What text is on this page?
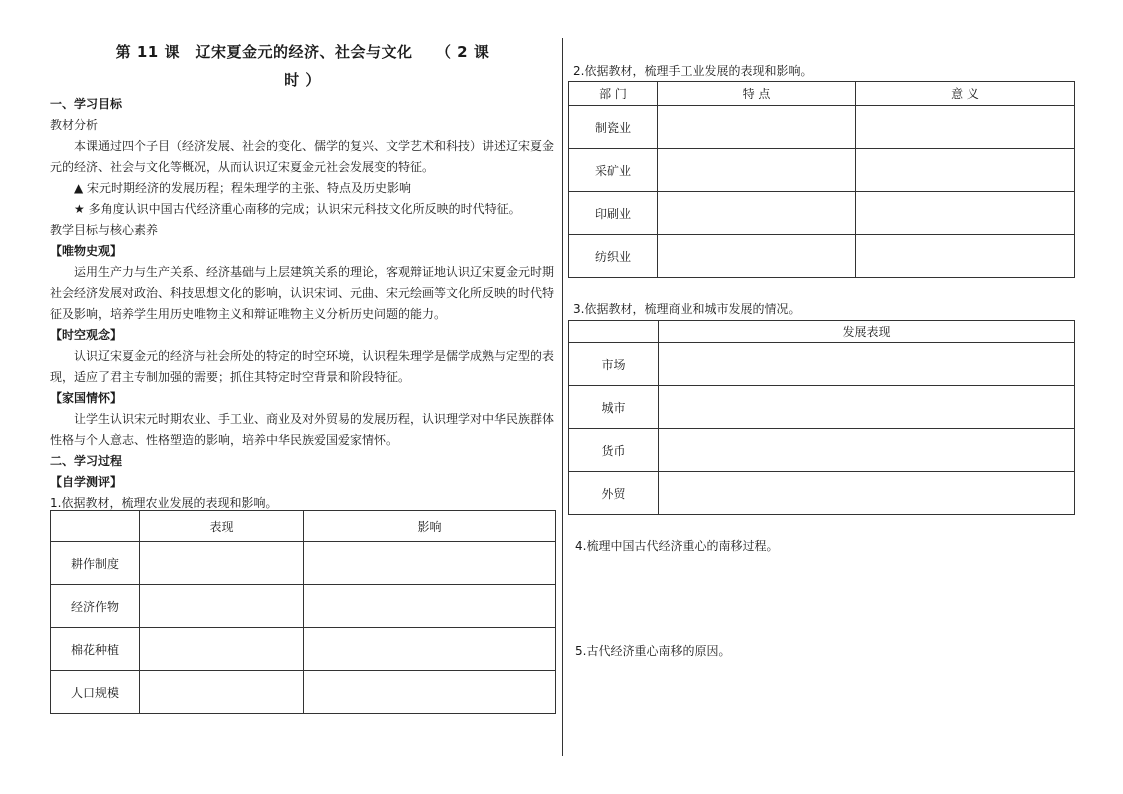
第 11 课　辽宋夏金元的经济、社会与文化　　（ 2 课
时 ）

一、学习目标

教材分析

本课通过四个子目（经济发展、社会的变化、儒学的复兴、文学艺术和科技）讲述辽宋夏金元的经济、社会与文化等概况，从而认识辽宋夏金元社会发展变的特征。

▲ 宋元时期经济的发展历程；程朱理学的主张、特点及历史影响

★ 多角度认识中国古代经济重心南移的完成；认识宋元科技文化所反映的时代特征。

教学目标与核心素养

【唯物史观】

运用生产力与生产关系、经济基础与上层建筑关系的理论，客观辩证地认识辽宋夏金元时期社会经济发展对政治、科技思想文化的影响，认识宋词、元曲、宋元绘画等文化所反映的时代特征及影响，培养学生用历史唯物主义和辩证唯物主义分析历史问题的能力。

【时空观念】

认识辽宋夏金元的经济与社会所处的特定的时空环境，认识程朱理学是儒学成熟与定型的表现，适应了君主专制加强的需要；抓住其特定时空背景和阶段特征。

【家国情怀】

让学生认识宋元时期农业、手工业、商业及对外贸易的发展历程，认识理学对中华民族群体性格与个人意志、性格塑造的影响，培养中华民族爱国爱家情怀。

二、学习过程

【自学测评】

1.依据教材，梳理农业发展的表现和影响。

	表现	影响
耕作制度		
经济作物		
棉花种植		
人口规模		

2.依据教材，梳理手工业发展的表现和影响。

部 门	特 点	意 义
制瓷业		
采矿业		
印刷业		
纺织业		

3.依据教材，梳理商业和城市发展的情况。

	发展表现
市场	
城市	
货币	
外贸	

4.梳理中国古代经济重心的南移过程。

5.古代经济重心南移的原因。
